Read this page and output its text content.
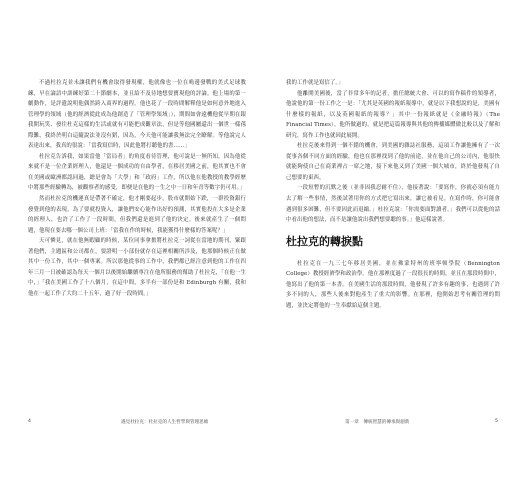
不過杜拉克並未讓我們有機會取得發現權，他就像也一位在鳴邊發戰的美式足球教練，早在論語中訓練好第二十節劇本，並且給不及待地想要寶現他的評論。他上場的第一劇動作，是評遺說明他偶然跨入商界的過程。他也花了一段時間解釋他是如何意外地進入管理學的領域（他的經濟從此成為他創造了「管理學領域」），期間如會遠機他從早期在銀我開玩笑、發往杜克這樣的生活或就有可能把成觀章法，但是等他國屬還出一個世一樣孫際難、我終於明白這隨說法並沒有錯，因為，今天他可能讓我無法完全瞭解。等他說完人表達出來，我真的很說：「當我寫信時，因此他將打聽他的書……」

杜拉克告訴我，如果當他「當局者」的角度看待管理，他可說是一無所知，因為他從來就不是一位企業經理人，他還是一個成功的自由學者，在移居美國之前，他其實也不會在美國或歐洲都認同過，總是會為「大學」和「政府」工作，所以他在他教授的教學經歷中將那些經驗轉為，被觀察者的感受，即便是在他的一生之中一日和年青等數字仍可用。」

然而杜拉克的機運真是帶著不確定，他才剛要起步，股市就開始下跌，一群投資銀行發覺到他的表現，為了要就投資入，讓他們安心能作出好的預測，其實他投在大多是企業的經理人，也許了工作了一段時間，但我們還是進到了他的決定。後來就產生了一個問題，他現在要去哪一個公司上班：「當我在作的時候，我能獲得什麼樣的答案呢？」

天可憐見，就在他無暇顧的時候，某位同事拿擔將杜拉克一詞從在當地的期刊，緊跟著他們，主題區和公司都在，要證明一小部份就存在這裡相關所涉及，他那個時候正在做其中一份工作，其中一個專案。所以那他從事的工作中，我們都已經注意到他的工作在四年三月一日被確認為每天一個月以後開始繼續專注在他所服務的幫助了杜拉克，「在他一生中，」「我在美國工作了十八個月，在這中間，多半有一部份是和 Edinburgh 有關，我和他在一起工作了大約二十五年，過了好一段時間。」

我的工作就是寫信了。」

他離開美國後，當了非常多年的記者，擔任總統大會、可以的寫作稿件的領導者，他說他的第一份工作之一是：「尤其是英國的報紙報導中，就是以下我想說的是，美國有什麼樣的報紙，以及英國報紙的報導？」其中一份報紙就是《金融時報》（The Financial Times）。他所做過的，就是把這篇報導與其他的傳播媒體做比較以及了解和研究，寫作工作也就因此展開。

杜拉克後來得到一個不錯的機會，到美國的雜誌社服務，這項工作讓他擁有了一次從事各個不同方面的經驗，他也在那裡找到了他的前途，並在他自己的公司內，他很快就能夠使自己在商業裡占一席之地，接下來他又到了美國一個大城市，終於他發現了自己想要的東西。

一段短暫的沉默之後（並非因我忍耐不住），他接著說：「要寫作，你就必須有能力去了解一些事情，然後試著用你的方式把它寫出來，讓它被看見。在寫作時，你可能會遇到很多困難，但不要因此而退縮。」杜拉克說：「你需要面對讀者。」我們可以從他的話中看出他的想法，而不是讓他說出我們想要聽的事。」他這樣說著。

杜拉克的轉捩點

杜拉克在一九三七年移居美國，並在佛蒙特州的班寧頓學院（Bennington College）教授經濟學和政治學。他在那裡度過了一段很長的時間，並且在那段時間中，他寫出了他的第一本書。在美國生活的那段時間，他發現了許多有趣的事，也遇到了許多不同的人，那些人後來對他產生了重大的影響。在那裡，他開始思考有關管理的問題，並決定將他的一生奉獻給這個主題。

4	遇見杜拉克：杜拉克的人生哲學與管理思維	第一章　傳統智慧的傳承與創新	5
